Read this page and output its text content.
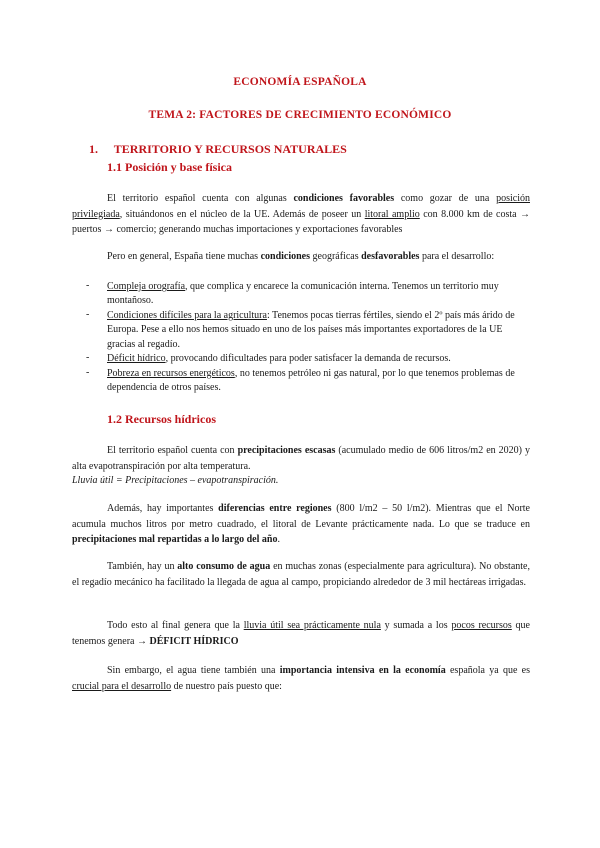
ECONOMÍA ESPAÑOLA
TEMA 2: FACTORES DE CRECIMIENTO ECONÓMICO
1. TERRITORIO Y RECURSOS NATURALES
1.1 Posición y base física
El territorio español cuenta con algunas condiciones favorables como gozar de una posición privilegiada, situándonos en el núcleo de la UE. Además de poseer un litoral amplio con 8.000 km de costa → puertos → comercio; generando muchas importaciones y exportaciones favorables
Pero en general, España tiene muchas condiciones geográficas desfavorables para el desarrollo:
- Compleja orografía, que complica y encarece la comunicación interna. Tenemos un territorio muy montañoso.
- Condiciones difíciles para la agricultura: Tenemos pocas tierras fértiles, siendo el 2º país más árido de Europa. Pese a ello nos hemos situado en uno de los países más importantes exportadores de la UE gracias al regadío.
- Déficit hídrico, provocando dificultades para poder satisfacer la demanda de recursos.
- Pobreza en recursos energéticos, no tenemos petróleo ni gas natural, por lo que tenemos problemas de dependencia de otros países.
1.2 Recursos hídricos
El territorio español cuenta con precipitaciones escasas (acumulado medio de 606 litros/m2 en 2020) y alta evapotranspiración por alta temperatura.
Lluvia útil = Precipitaciones – evapotranspiración.
Además, hay importantes diferencias entre regiones (800 l/m2 – 50 l/m2). Mientras que el Norte acumula muchos litros por metro cuadrado, el litoral de Levante prácticamente nada. Lo que se traduce en precipitaciones mal repartidas a lo largo del año.
También, hay un alto consumo de agua en muchas zonas (especialmente para agricultura). No obstante, el regadío mecánico ha facilitado la llegada de agua al campo, propiciando alrededor de 3 mil hectáreas irrigadas.
Todo esto al final genera que la lluvia útil sea prácticamente nula y sumada a los pocos recursos que tenemos genera → DÉFICIT HÍDRICO
Sin embargo, el agua tiene también una importancia intensiva en la economía española ya que es crucial para el desarrollo de nuestro país puesto que:
